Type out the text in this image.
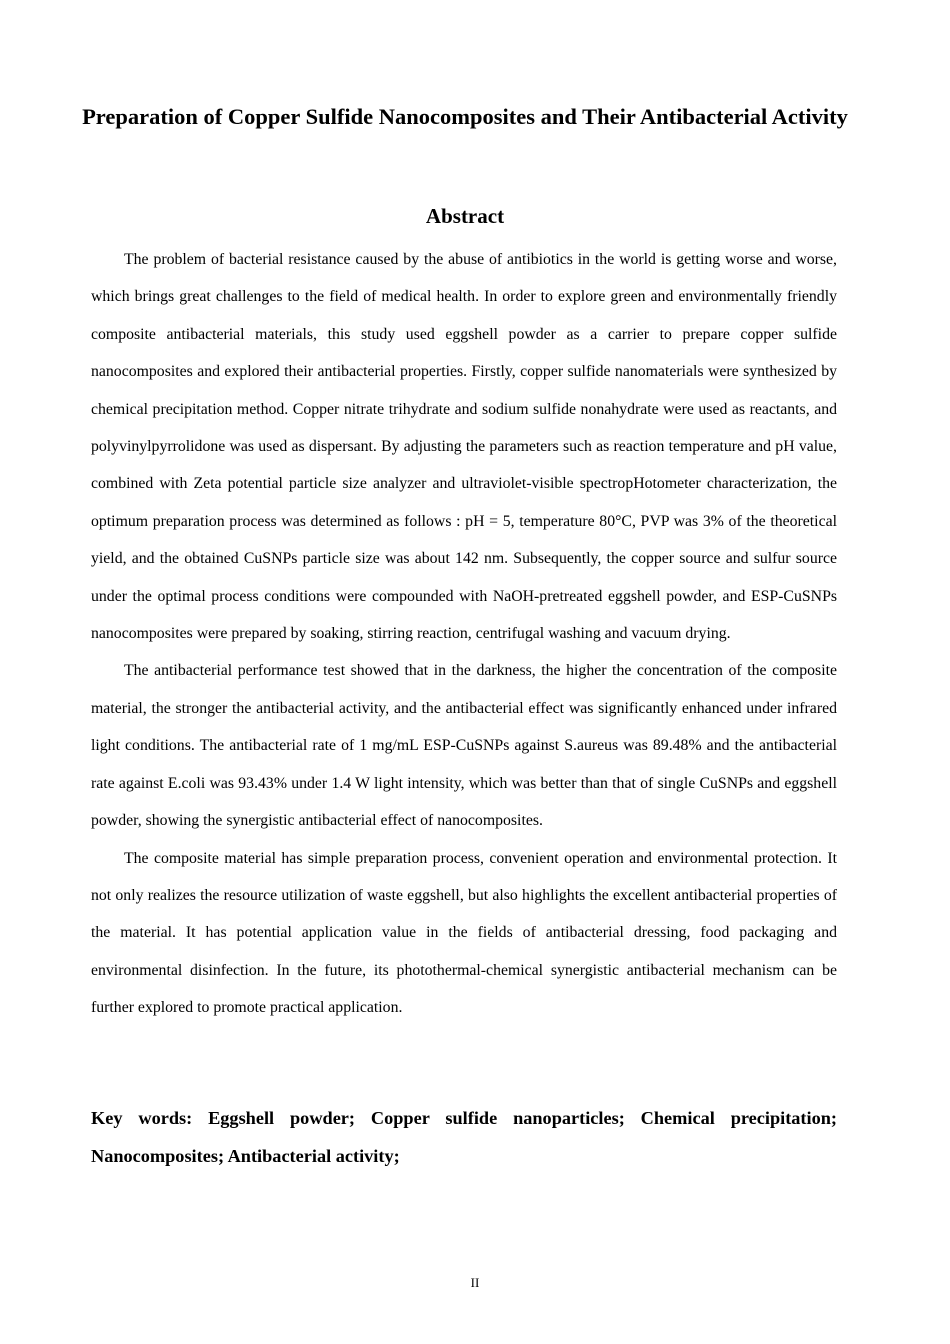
Preparation of Copper Sulfide Nanocomposites and Their Antibacterial Activity
Abstract

The problem of bacterial resistance caused by the abuse of antibiotics in the world is getting worse and worse, which brings great challenges to the field of medical health. In order to explore green and environmentally friendly composite antibacterial materials, this study used eggshell powder as a carrier to prepare copper sulfide nanocomposites and explored their antibacterial properties. Firstly, copper sulfide nanomaterials were synthesized by chemical precipitation method. Copper nitrate trihydrate and sodium sulfide nonahydrate were used as reactants, and polyvinylpyrrolidone was used as dispersant. By adjusting the parameters such as reaction temperature and pH value, combined with Zeta potential particle size analyzer and ultraviolet-visible spectropHotometer characterization, the optimum preparation process was determined as follows : pH = 5, temperature 80°C, PVP was 3% of the theoretical yield, and the obtained CuSNPs particle size was about 142 nm. Subsequently, the copper source and sulfur source under the optimal process conditions were compounded with NaOH-pretreated eggshell powder, and ESP-CuSNPs nanocomposites were prepared by soaking, stirring reaction, centrifugal washing and vacuum drying.

The antibacterial performance test showed that in the darkness, the higher the concentration of the composite material, the stronger the antibacterial activity, and the antibacterial effect was significantly enhanced under infrared light conditions. The antibacterial rate of 1 mg/mL ESP-CuSNPs against S.aureus was 89.48% and the antibacterial rate against E.coli was 93.43% under 1.4 W light intensity, which was better than that of single CuSNPs and eggshell powder, showing the synergistic antibacterial effect of nanocomposites.

The composite material has simple preparation process, convenient operation and environmental protection. It not only realizes the resource utilization of waste eggshell, but also highlights the excellent antibacterial properties of the material. It has potential application value in the fields of antibacterial dressing, food packaging and environmental disinfection. In the future, its photothermal-chemical synergistic antibacterial mechanism can be further explored to promote practical application.

Key words: Eggshell powder; Copper sulfide nanoparticles; Chemical precipitation; Nanocomposites; Antibacterial activity;

II
